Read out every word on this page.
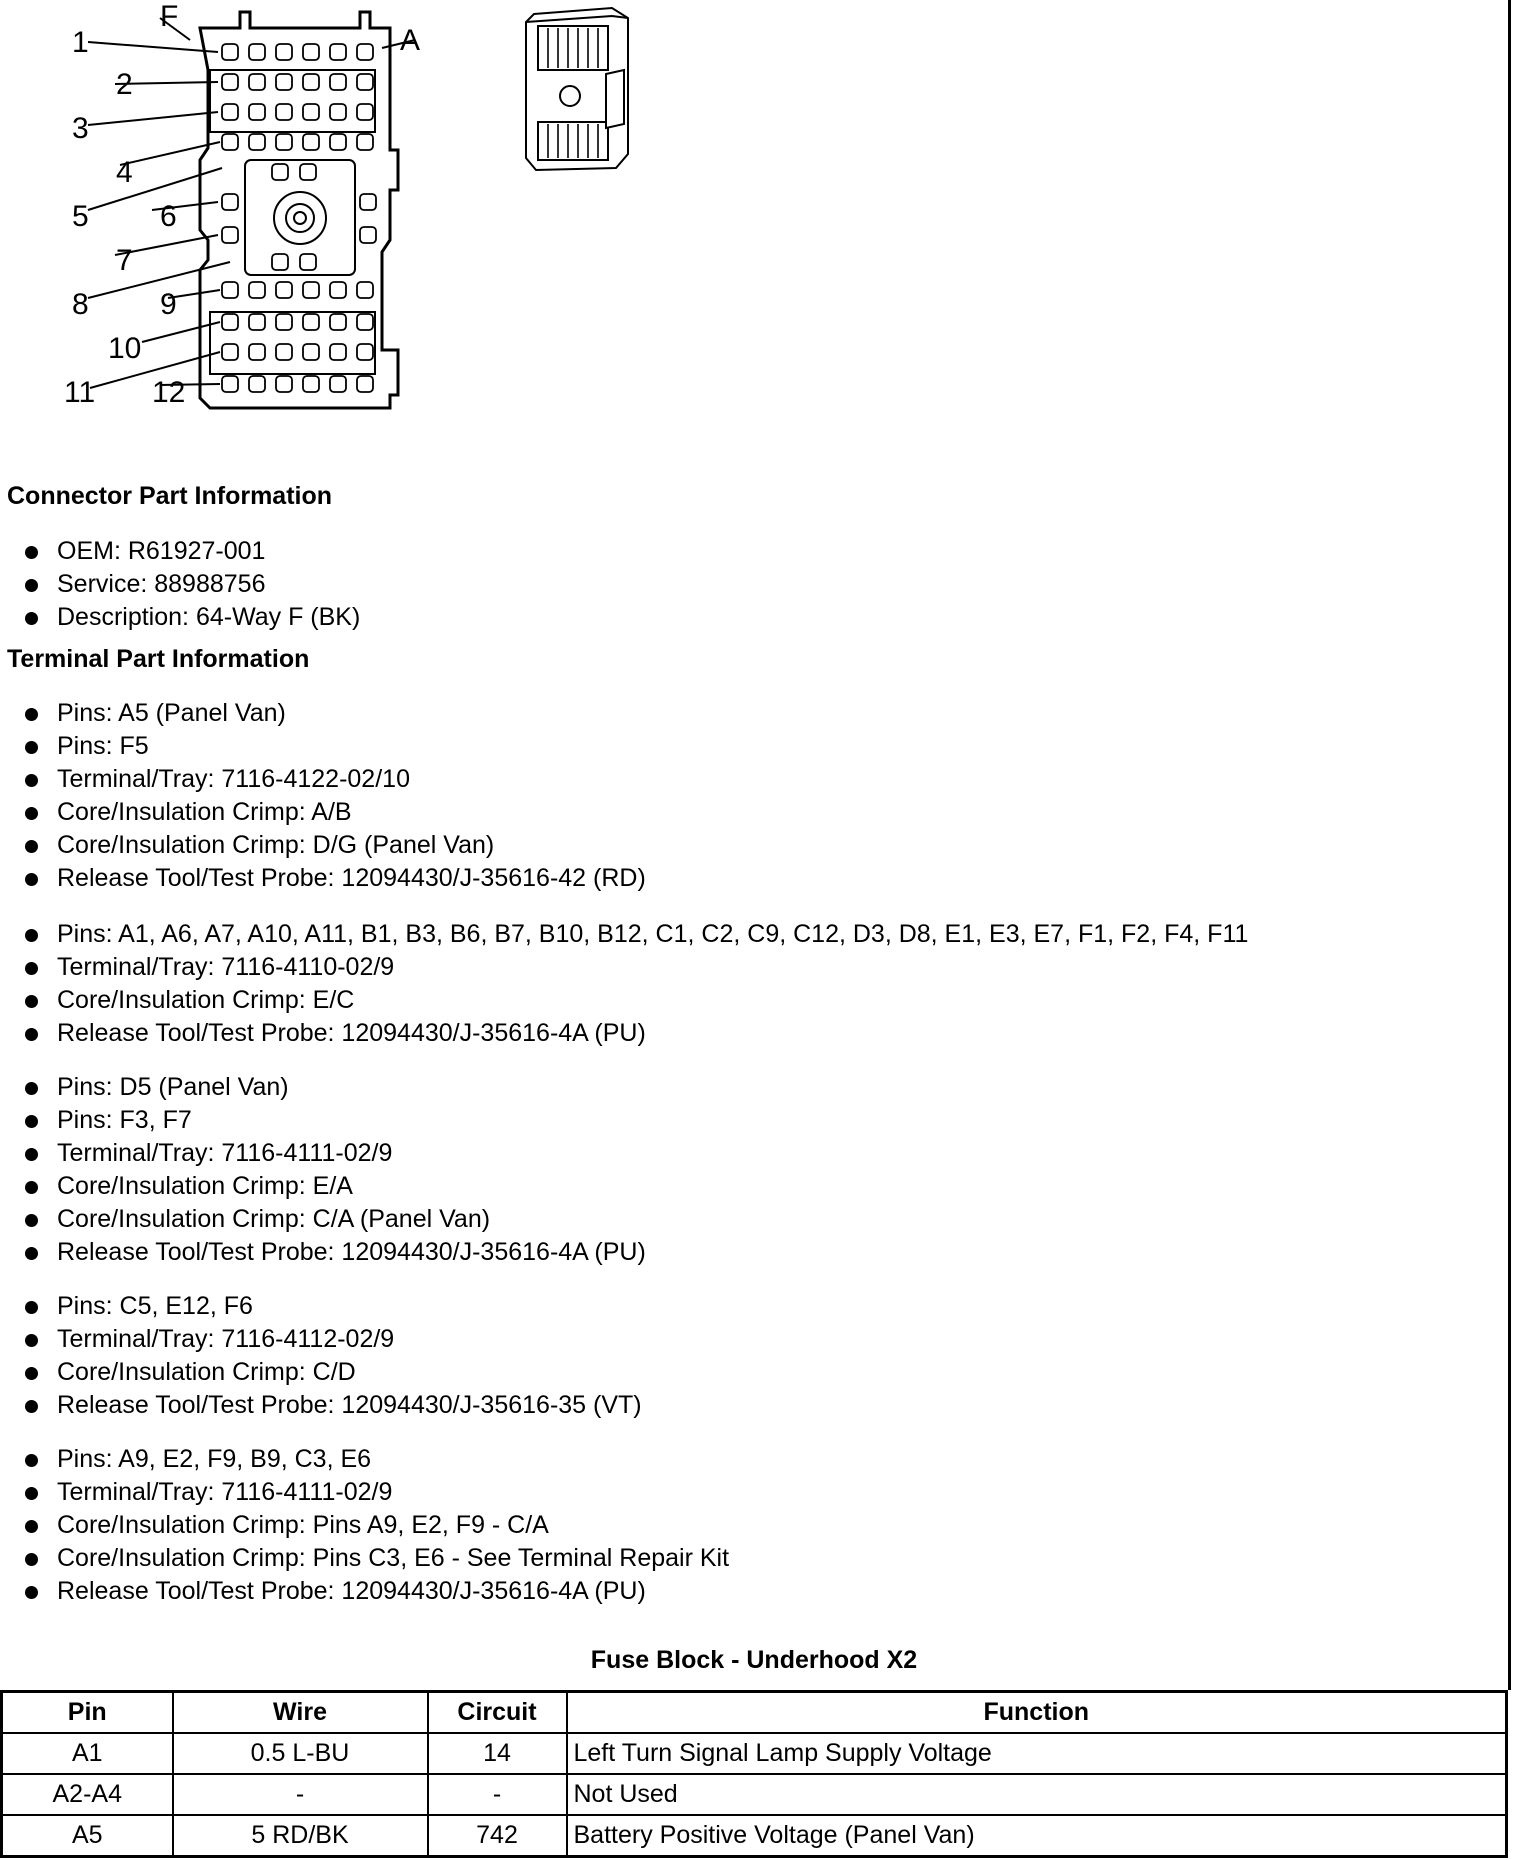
1
2
3
4
5 6
7
8 9
10
11 12
F
A
Connector Part Information
OEM: R61927-001
Service: 88988756
Description: 64-Way F (BK)
Terminal Part Information
Pins: A5 (Panel Van)
Pins: F5
Terminal/Tray: 7116-4122-02/10
Core/Insulation Crimp: A/B
Core/Insulation Crimp: D/G (Panel Van)
Release Tool/Test Probe: 12094430/J-35616-42 (RD)
Pins: A1, A6, A7, A10, A11, B1, B3, B6, B7, B10, B12, C1, C2, C9, C12, D3, D8, E1, E3, E7, F1, F2, F4, F11
Terminal/Tray: 7116-4110-02/9
Core/Insulation Crimp: E/C
Release Tool/Test Probe: 12094430/J-35616-4A (PU)
Pins: D5 (Panel Van)
Pins: F3, F7
Terminal/Tray: 7116-4111-02/9
Core/Insulation Crimp: E/A
Core/Insulation Crimp: C/A (Panel Van)
Release Tool/Test Probe: 12094430/J-35616-4A (PU)
Pins: C5, E12, F6
Terminal/Tray: 7116-4112-02/9
Core/Insulation Crimp: C/D
Release Tool/Test Probe: 12094430/J-35616-35 (VT)
Pins: A9, E2, F9, B9, C3, E6
Terminal/Tray: 7116-4111-02/9
Core/Insulation Crimp: Pins A9, E2, F9 - C/A
Core/Insulation Crimp: Pins C3, E6 - See Terminal Repair Kit
Release Tool/Test Probe: 12094430/J-35616-4A (PU)
Fuse Block - Underhood X2
Pin	Wire	Circuit	Function
A1	0.5 L-BU	14	Left Turn Signal Lamp Supply Voltage
A2-A4	-	-	Not Used
A5	5 RD/BK	742	Battery Positive Voltage (Panel Van)
